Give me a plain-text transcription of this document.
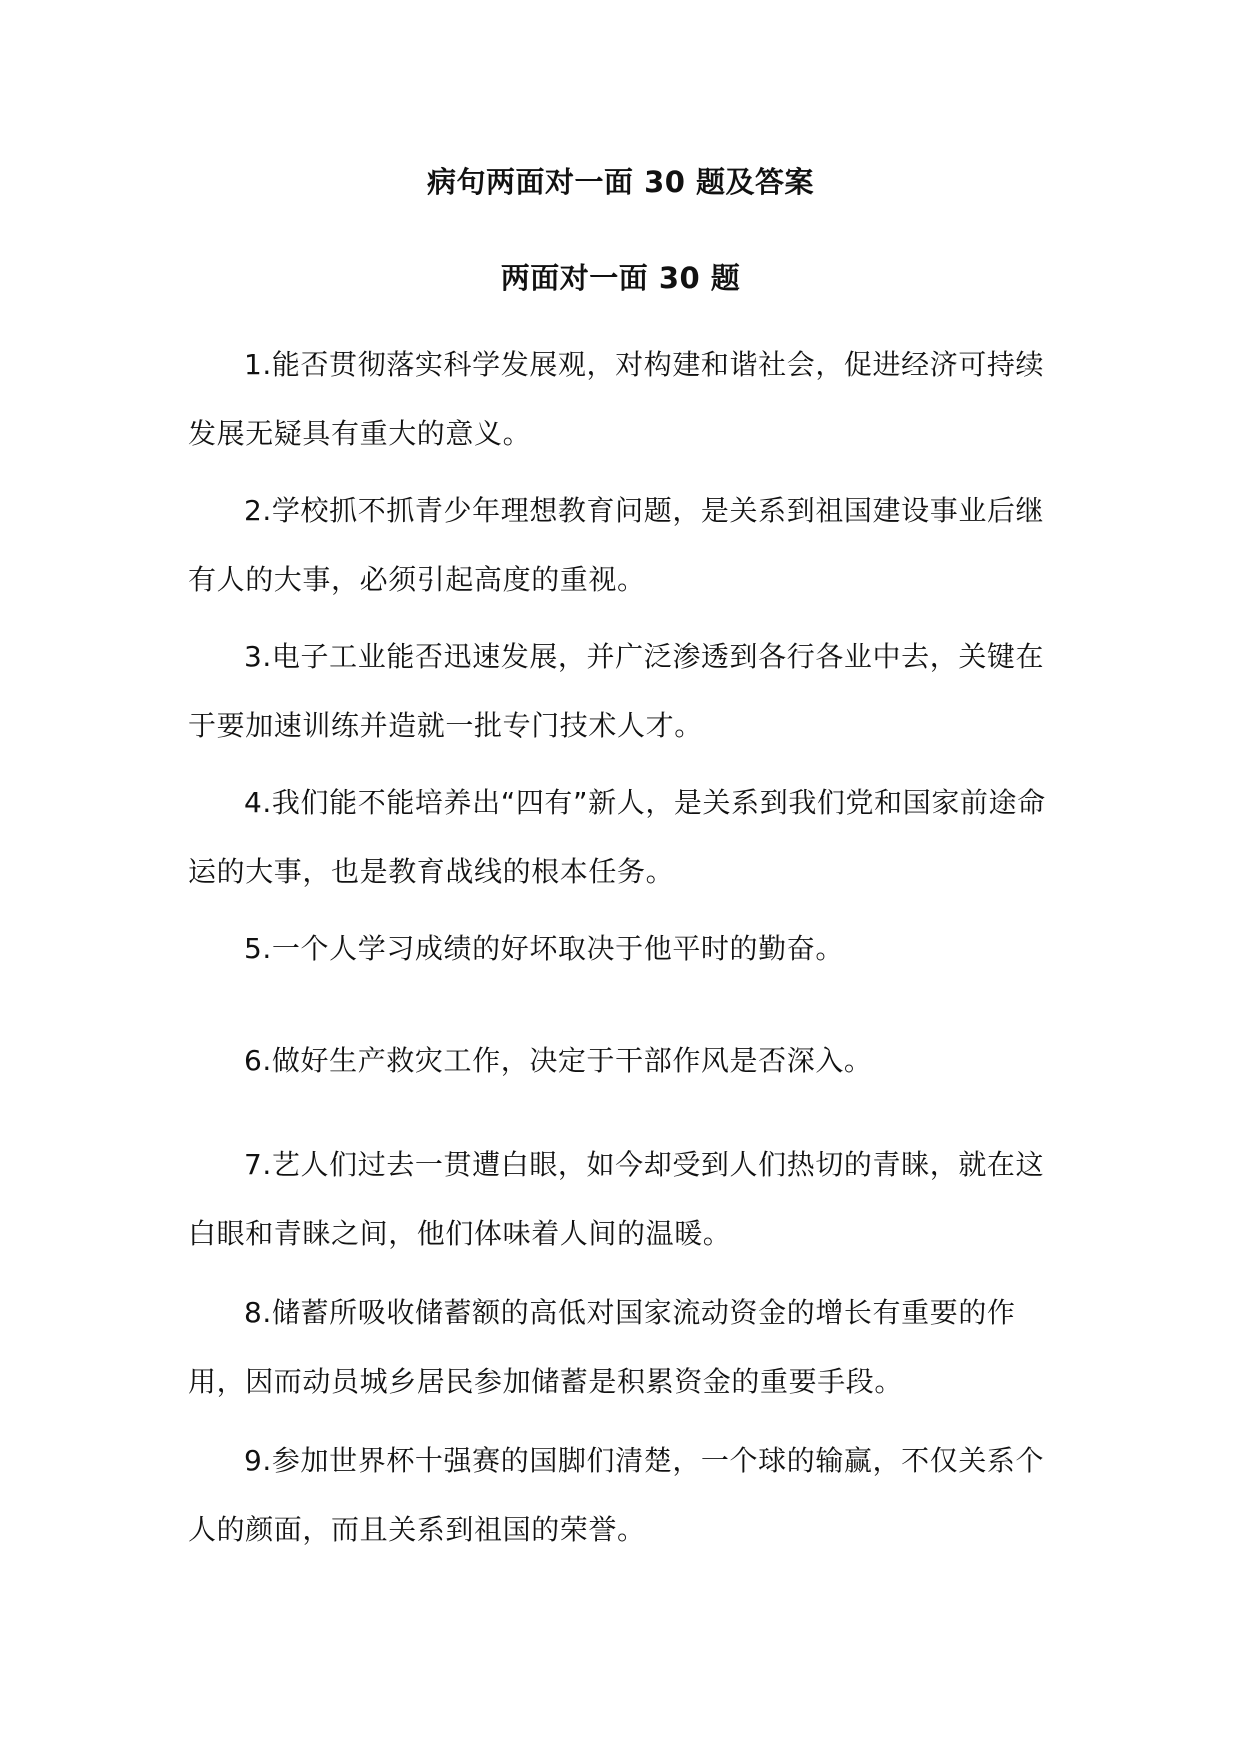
病句两面对一面 30 题及答案
两面对一面 30 题

1.能否贯彻落实科学发展观，对构建和谐社会，促进经济可持续发展无疑具有重大的意义。

2.学校抓不抓青少年理想教育问题，是关系到祖国建设事业后继有人的大事，必须引起高度的重视。

3.电子工业能否迅速发展，并广泛渗透到各行各业中去，关键在于要加速训练并造就一批专门技术人才。

4.我们能不能培养出“四有”新人，是关系到我们党和国家前途命运的大事，也是教育战线的根本任务。

5.一个人学习成绩的好坏取决于他平时的勤奋。

6.做好生产救灾工作，决定于干部作风是否深入。

7.艺人们过去一贯遭白眼，如今却受到人们热切的青睐，就在这白眼和青睐之间，他们体味着人间的温暖。

8.储蓄所吸收储蓄额的高低对国家流动资金的增长有重要的作用，因而动员城乡居民参加储蓄是积累资金的重要手段。

9.参加世界杯十强赛的国脚们清楚，一个球的输赢，不仅关系个人的颜面，而且关系到祖国的荣誉。
